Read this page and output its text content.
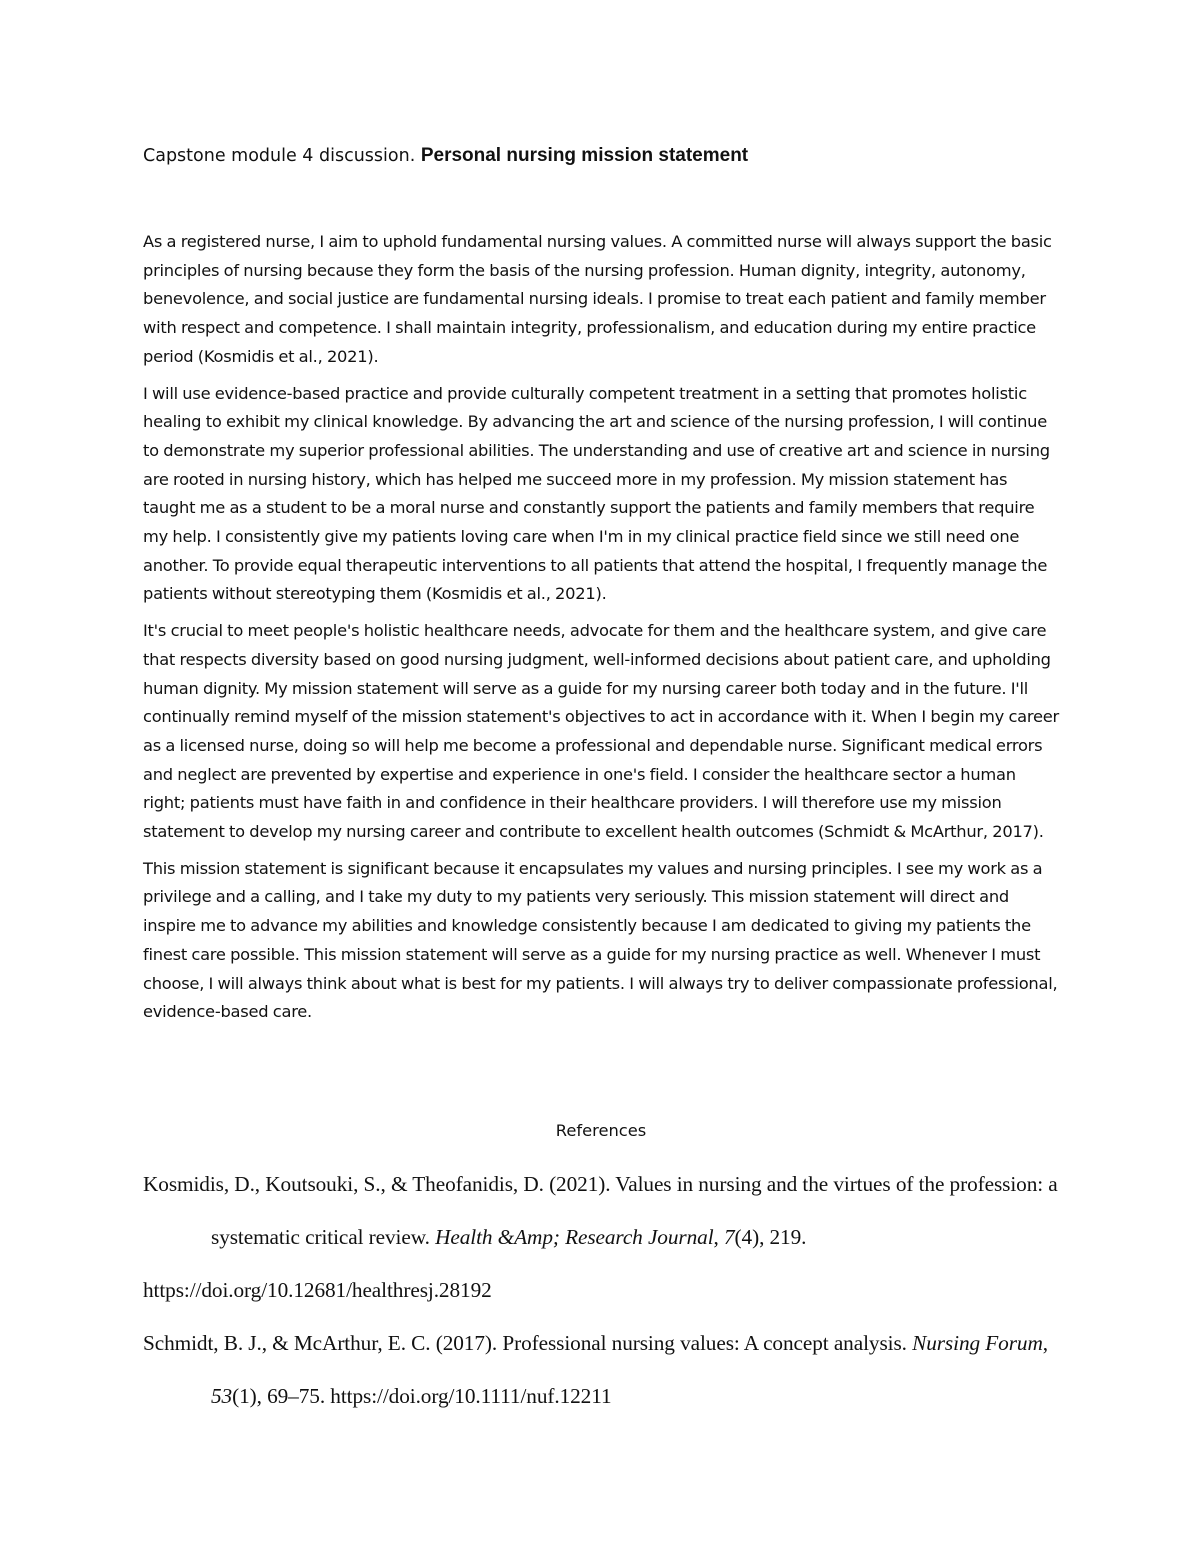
Capstone module 4 discussion. Personal nursing mission statement

As a registered nurse, I aim to uphold fundamental nursing values. A committed nurse will always support the basic principles of nursing because they form the basis of the nursing profession. Human dignity, integrity, autonomy, benevolence, and social justice are fundamental nursing ideals. I promise to treat each patient and family member with respect and competence. I shall maintain integrity, professionalism, and education during my entire practice period (Kosmidis et al., 2021).

I will use evidence-based practice and provide culturally competent treatment in a setting that promotes holistic healing to exhibit my clinical knowledge. By advancing the art and science of the nursing profession, I will continue to demonstrate my superior professional abilities. The understanding and use of creative art and science in nursing are rooted in nursing history, which has helped me succeed more in my profession. My mission statement has taught me as a student to be a moral nurse and constantly support the patients and family members that require my help. I consistently give my patients loving care when I'm in my clinical practice field since we still need one another. To provide equal therapeutic interventions to all patients that attend the hospital, I frequently manage the patients without stereotyping them (Kosmidis et al., 2021).

It's crucial to meet people's holistic healthcare needs, advocate for them and the healthcare system, and give care that respects diversity based on good nursing judgment, well-informed decisions about patient care, and upholding human dignity. My mission statement will serve as a guide for my nursing career both today and in the future. I'll continually remind myself of the mission statement's objectives to act in accordance with it. When I begin my career as a licensed nurse, doing so will help me become a professional and dependable nurse. Significant medical errors and neglect are prevented by expertise and experience in one's field. I consider the healthcare sector a human right; patients must have faith in and confidence in their healthcare providers. I will therefore use my mission statement to develop my nursing career and contribute to excellent health outcomes (Schmidt & McArthur, 2017).

This mission statement is significant because it encapsulates my values and nursing principles. I see my work as a privilege and a calling, and I take my duty to my patients very seriously. This mission statement will direct and inspire me to advance my abilities and knowledge consistently because I am dedicated to giving my patients the finest care possible. This mission statement will serve as a guide for my nursing practice as well. Whenever I must choose, I will always think about what is best for my patients. I will always try to deliver compassionate professional, evidence-based care.

References

Kosmidis, D., Koutsouki, S., & Theofanidis, D. (2021). Values in nursing and the virtues of the profession: a systematic critical review. Health &Amp; Research Journal, 7(4), 219.
https://doi.org/10.12681/healthresj.28192

Schmidt, B. J., & McArthur, E. C. (2017). Professional nursing values: A concept analysis. Nursing Forum, 53(1), 69–75. https://doi.org/10.1111/nuf.12211
